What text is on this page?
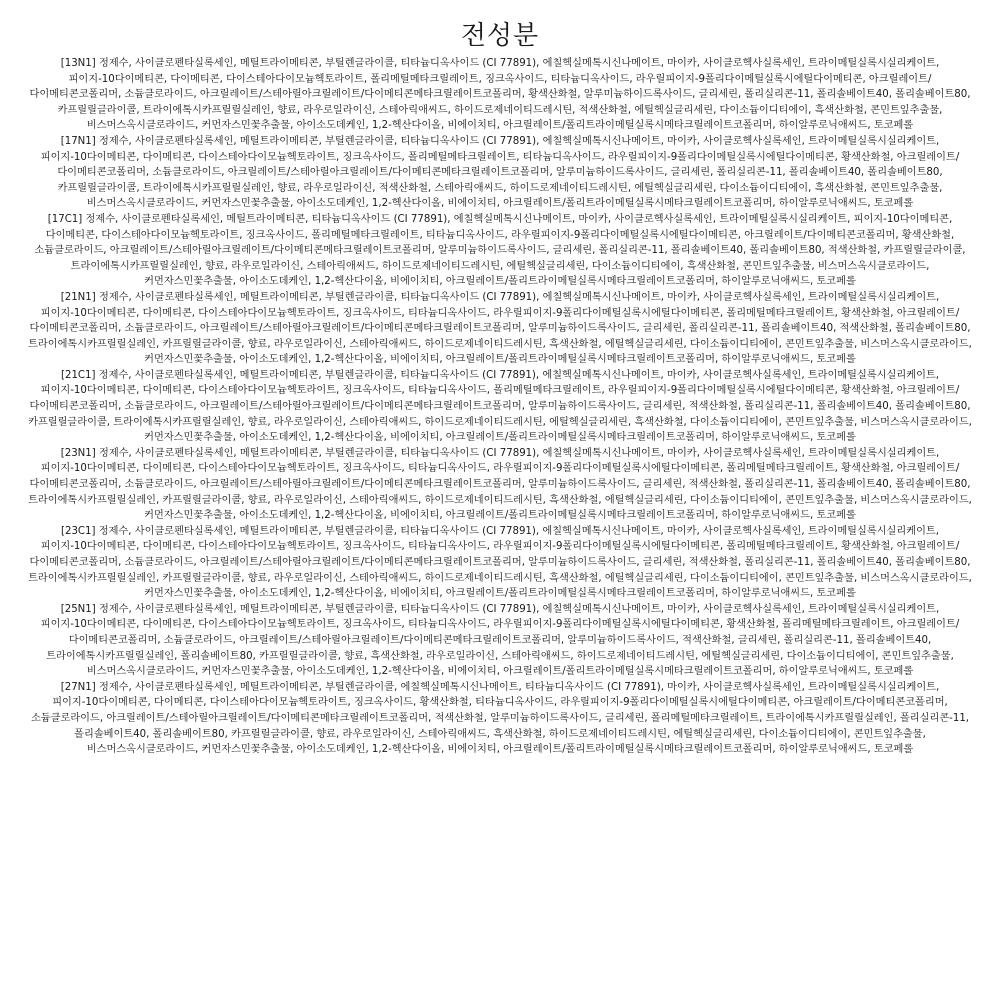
전성분

[13N1] 정제수, 사이클로펜타실록세인, 메틸트라이메티콘, 부틸렌글라이콜, 티타늄디옥사이드 (CI 77891), 에칠헥실메톡시신나메이트, 마이카, 사이클로헥사실록세인, 트라이메틸실록시실리케이트, 피이지-10다이메티콘, 다이메티콘, 다이스테아다이모늄헥토라이트, 폴리메틸메타크릴레이트, 징크옥사이드, 티타늄디옥사이드, 라우릴피이지-9폴리다이메틸실록시에틸다이메티콘, 아크릴레이트/다이메티콘코폴리머, 소듐클로라이드, 아크릴레이트/스테아릴아크릴레이트/다이메티콘메타크릴레이트코폴리머, 황색산화철, 알루미늄하이드록사이드, 글리세린, 폴리실리콘-11, 폴리솔베이트40, 폴리솔베이트80, 카프릴릴글라이콜, 트라이에톡시카프릴릴실레인, 향료, 라우로일라이신, 스테아릭애씨드, 하이드로제네이티드레시틴, 적색산화철, 에틸헥실글리세린, 다이소듐이디티에이, 흑색산화철, 콘민트잎추출물, 비스머스옥시클로라이드, 커먼자스민꽃추출물, 아이소도데케인, 1,2-헥산다이올, 비에이치티, 아크릴레이트/폴리트라이메틸실록시메타크릴레이트코폴리머, 하이알루로닉애씨드, 토코페롤

[17N1] 정제수, 사이클로펜타실록세인, 메틸트라이메티콘, 부틸렌글라이콜, 티타늄디옥사이드 (CI 77891), 에칠헥실메톡시신나메이트, 마이카, 사이클로헥사실록세인, 트라이메틸실록시실리케이트, 피이지-10다이메티콘, 다이메티콘, 다이스테아다이모늄헥토라이트, 징크옥사이드, 폴리메틸메타크릴레이트, 티타늄디옥사이드, 라우릴피이지-9폴리다이메틸실록시에틸다이메티콘, 황색산화철, 아크릴레이트/다이메티콘코폴리머, 소듐클로라이드, 아크릴레이트/스테아릴아크릴레이트/다이메티콘메타크릴레이트코폴리머, 알루미늄하이드록사이드, 글리세린, 폴리실리콘-11, 폴리솔베이트40, 폴리솔베이트80, 카프릴릴글라이콜, 트라이에톡시카프릴릴실레인, 향료, 라우로일라이신, 적색산화철, 스테아릭애씨드, 하이드로제네이티드레시틴, 에틸헥실글리세린, 다이소듐이디티에이, 흑색산화철, 콘민트잎추출물, 비스머스옥시클로라이드, 커먼자스민꽃추출물, 아이소도데케인, 1,2-헥산다이올, 비에이치티, 아크릴레이트/폴리트라이메틸실록시메타크릴레이트코폴리머, 하이알루로닉애씨드, 토코페롤

[17C1] 정제수, 사이클로펜타실록세인, 메틸트라이메티콘, 티타늄디옥사이드 (CI 77891), 에칠헥실메톡시신나메이트, 마이카, 사이클로헥사실록세인, 트라이메틸실록시실리케이트, 피이지-10다이메티콘, 다이메티콘, 다이스테아다이모늄헥토라이트, 징크옥사이드, 폴리메틸메타크릴레이트, 티타늄디옥사이드, 라우릴피이지-9폴리다이메틸실록시에틸다이메티콘, 아크릴레이트/다이메티콘코폴리머, 황색산화철, 소듐클로라이드, 아크릴레이트/스테아릴아크릴레이트/다이메티콘메타크릴레이트코폴리머, 알루미늄하이드록사이드, 글리세린, 폴리실리콘-11, 폴리솔베이트40, 폴리솔베이트80, 적색산화철, 카프릴릴글라이콜, 트라이에톡시카프릴릴실레인, 향료, 라우로일라이신, 스테아릭애씨드, 하이드로제네이티드레시틴, 에틸헥실글리세린, 다이소듐이디티에이, 흑색산화철, 콘민트잎추출물, 비스머스옥시클로라이드, 커먼자스민꽃추출물, 아이소도데케인, 1,2-헥산다이올, 비에이치티, 아크릴레이트/폴리트라이메틸실록시메타크릴레이트코폴리머, 하이알루로닉애씨드, 토코페롤

[21N1] 정제수, 사이클로펜타실록세인, 메틸트라이메티콘, 부틸렌글라이콜, 티타늄디옥사이드 (CI 77891), 에칠헥실메톡시신나메이트, 마이카, 사이클로헥사실록세인, 트라이메틸실록시실리케이트, 피이지-10다이메티콘, 다이메티콘, 다이스테아다이모늄헥토라이트, 징크옥사이드, 티타늄디옥사이드, 라우릴피이지-9폴리다이메틸실록시에틸다이메티콘, 폴리메틸메타크릴레이트, 황색산화철, 아크릴레이트/다이메티콘코폴리머, 소듐클로라이드, 아크릴레이트/스테아릴아크릴레이트/다이메티콘메타크릴레이트코폴리머, 알루미늄하이드록사이드, 글리세린, 폴리실리콘-11, 폴리솔베이트40, 적색산화철, 폴리솔베이트80, 트라이에톡시카프릴릴실레인, 카프릴릴글라이콜, 향료, 라우로일라이신, 스테아릭애씨드, 하이드로제네이티드레시틴, 흑색산화철, 에틸헥실글리세린, 다이소듐이디티에이, 콘민트잎추출물, 비스머스옥시클로라이드, 커먼자스민꽃추출물, 아이소도데케인, 1,2-헥산다이올, 비에이치티, 아크릴레이트/폴리트라이메틸실록시메타크릴레이트코폴리머, 하이알루로닉애씨드, 토코페롤

[21C1] 정제수, 사이클로펜타실록세인, 메틸트라이메티콘, 부틸렌글라이콜, 티타늄디옥사이드 (CI 77891), 에칠헥실메톡시신나메이트, 마이카, 사이클로헥사실록세인, 트라이메틸실록시실리케이트, 피이지-10다이메티콘, 다이메티콘, 다이스테아다이모늄헥토라이트, 징크옥사이드, 티타늄디옥사이드, 폴리메틸메타크릴레이트, 라우릴피이지-9폴리다이메틸실록시에틸다이메티콘, 황색산화철, 아크릴레이트/다이메티콘코폴리머, 소듐클로라이드, 아크릴레이트/스테아릴아크릴레이트/다이메티콘메타크릴레이트코폴리머, 알루미늄하이드록사이드, 글리세린, 적색산화철, 폴리실리콘-11, 폴리솔베이트40, 폴리솔베이트80, 카프릴릴글라이콜, 트라이에톡시카프릴릴실레인, 향료, 라우로일라이신, 스테아릭애씨드, 하이드로제네이티드레시틴, 에틸헥실글리세린, 흑색산화철, 다이소듐이디티에이, 콘민트잎추출물, 비스머스옥시클로라이드, 커먼자스민꽃추출물, 아이소도데케인, 1,2-헥산다이올, 비에이치티, 아크릴레이트/폴리트라이메틸실록시메타크릴레이트코폴리머, 하이알루로닉애씨드, 토코페롤

[23N1] 정제수, 사이클로펜타실록세인, 메틸트라이메티콘, 부틸렌글라이콜, 티타늄디옥사이드 (CI 77891), 에칠헥실메톡시신나메이트, 마이카, 사이클로헥사실록세인, 트라이메틸실록시실리케이트, 피이지-10다이메티콘, 다이메티콘, 다이스테아다이모늄헥토라이트, 징크옥사이드, 티타늄디옥사이드, 라우릴피이지-9폴리다이메틸실록시에틸다이메티콘, 폴리메틸메타크릴레이트, 황색산화철, 아크릴레이트/다이메티콘코폴리머, 소듐클로라이드, 아크릴레이트/스테아릴아크릴레이트/다이메티콘메타크릴레이트코폴리머, 알루미늄하이드록사이드, 글리세린, 적색산화철, 폴리실리콘-11, 폴리솔베이트40, 폴리솔베이트80, 트라이에톡시카프릴릴실레인, 카프릴릴글라이콜, 향료, 라우로일라이신, 스테아릭애씨드, 하이드로제네이티드레시틴, 흑색산화철, 에틸헥실글리세린, 다이소듐이디티에이, 콘민트잎추출물, 비스머스옥시클로라이드, 커먼자스민꽃추출물, 아이소도데케인, 1,2-헥산다이올, 비에이치티, 아크릴레이트/폴리트라이메틸실록시메타크릴레이트코폴리머, 하이알루로닉애씨드, 토코페롤

[23C1] 정제수, 사이클로펜타실록세인, 메틸트라이메티콘, 부틸렌글라이콜, 티타늄디옥사이드 (CI 77891), 에칠헥실메톡시신나메이트, 마이카, 사이클로헥사실록세인, 트라이메틸실록시실리케이트, 피이지-10다이메티콘, 다이메티콘, 다이스테아다이모늄헥토라이트, 징크옥사이드, 티타늄디옥사이드, 라우릴피이지-9폴리다이메틸실록시에틸다이메티콘, 폴리메틸메타크릴레이트, 황색산화철, 아크릴레이트/다이메티콘코폴리머, 소듐클로라이드, 아크릴레이트/스테아릴아크릴레이트/다이메티콘메타크릴레이트코폴리머, 알루미늄하이드록사이드, 글리세린, 적색산화철, 폴리실리콘-11, 폴리솔베이트40, 폴리솔베이트80, 트라이에톡시카프릴릴실레인, 카프릴릴글라이콜, 향료, 라우로일라이신, 스테아릭애씨드, 하이드로제네이티드레시틴, 흑색산화철, 에틸헥실글리세린, 다이소듐이디티에이, 콘민트잎추출물, 비스머스옥시클로라이드, 커먼자스민꽃추출물, 아이소도데케인, 1,2-헥산다이올, 비에이치티, 아크릴레이트/폴리트라이메틸실록시메타크릴레이트코폴리머, 하이알루로닉애씨드, 토코페롤

[25N1] 정제수, 사이클로펜타실록세인, 메틸트라이메티콘, 부틸렌글라이콜, 티타늄디옥사이드 (CI 77891), 에칠헥실메톡시신나메이트, 마이카, 사이클로헥사실록세인, 트라이메틸실록시실리케이트, 피이지-10다이메티콘, 다이메티콘, 다이스테아다이모늄헥토라이트, 징크옥사이드, 티타늄디옥사이드, 라우릴피이지-9폴리다이메틸실록시에틸다이메티콘, 황색산화철, 폴리메틸메타크릴레이트, 아크릴레이트/다이메티콘코폴리머, 소듐클로라이드, 아크릴레이트/스테아릴아크릴레이트/다이메티콘메타크릴레이트코폴리머, 알루미늄하이드록사이드, 적색산화철, 글리세린, 폴리실리콘-11, 폴리솔베이트40, 트라이에톡시카프릴릴실레인, 폴리솔베이트80, 카프릴릴글라이콜, 향료, 흑색산화철, 라우로일라이신, 스테아릭애씨드, 하이드로제네이티드레시틴, 에틸헥실글리세린, 다이소듐이디티에이, 콘민트잎추출물, 비스머스옥시클로라이드, 커먼자스민꽃추출물, 아이소도데케인, 1,2-헥산다이올, 비에이치티, 아크릴레이트/폴리트라이메틸실록시메타크릴레이트코폴리머, 하이알루로닉애씨드, 토코페롤

[27N1] 정제수, 사이클로펜타실록세인, 메틸트라이메티콘, 부틸렌글라이콜, 에칠헥실메톡시신나메이트, 티타늄디옥사이드 (CI 77891), 마이카, 사이클로헥사실록세인, 트라이메틸실록시실리케이트, 피이지-10다이메티콘, 다이메티콘, 다이스테아다이모늄헥토라이트, 징크옥사이드, 황색산화철, 티타늄디옥사이드, 라우릴피이지-9폴리다이메틸실록시에틸다이메티콘, 아크릴레이트/다이메티콘코폴리머, 소듐클로라이드, 아크릴레이트/스테아릴아크릴레이트/다이메티콘메타크릴레이트코폴리머, 적색산화철, 알루미늄하이드록사이드, 글리세린, 폴리메틸메타크릴레이트, 트라이에톡시카프릴릴실레인, 폴리실리콘-11, 폴리솔베이트40, 폴리솔베이트80, 카프릴릴글라이콜, 향료, 라우로일라이신, 스테아릭애씨드, 흑색산화철, 하이드로제네이티드레시틴, 에틸헥실글리세린, 다이소듐이디티에이, 콘민트잎추출물, 비스머스옥시클로라이드, 커먼자스민꽃추출물, 아이소도데케인, 1,2-헥산다이올, 비에이치티, 아크릴레이트/폴리트라이메틸실록시메타크릴레이트코폴리머, 하이알루로닉애씨드, 토코페롤
